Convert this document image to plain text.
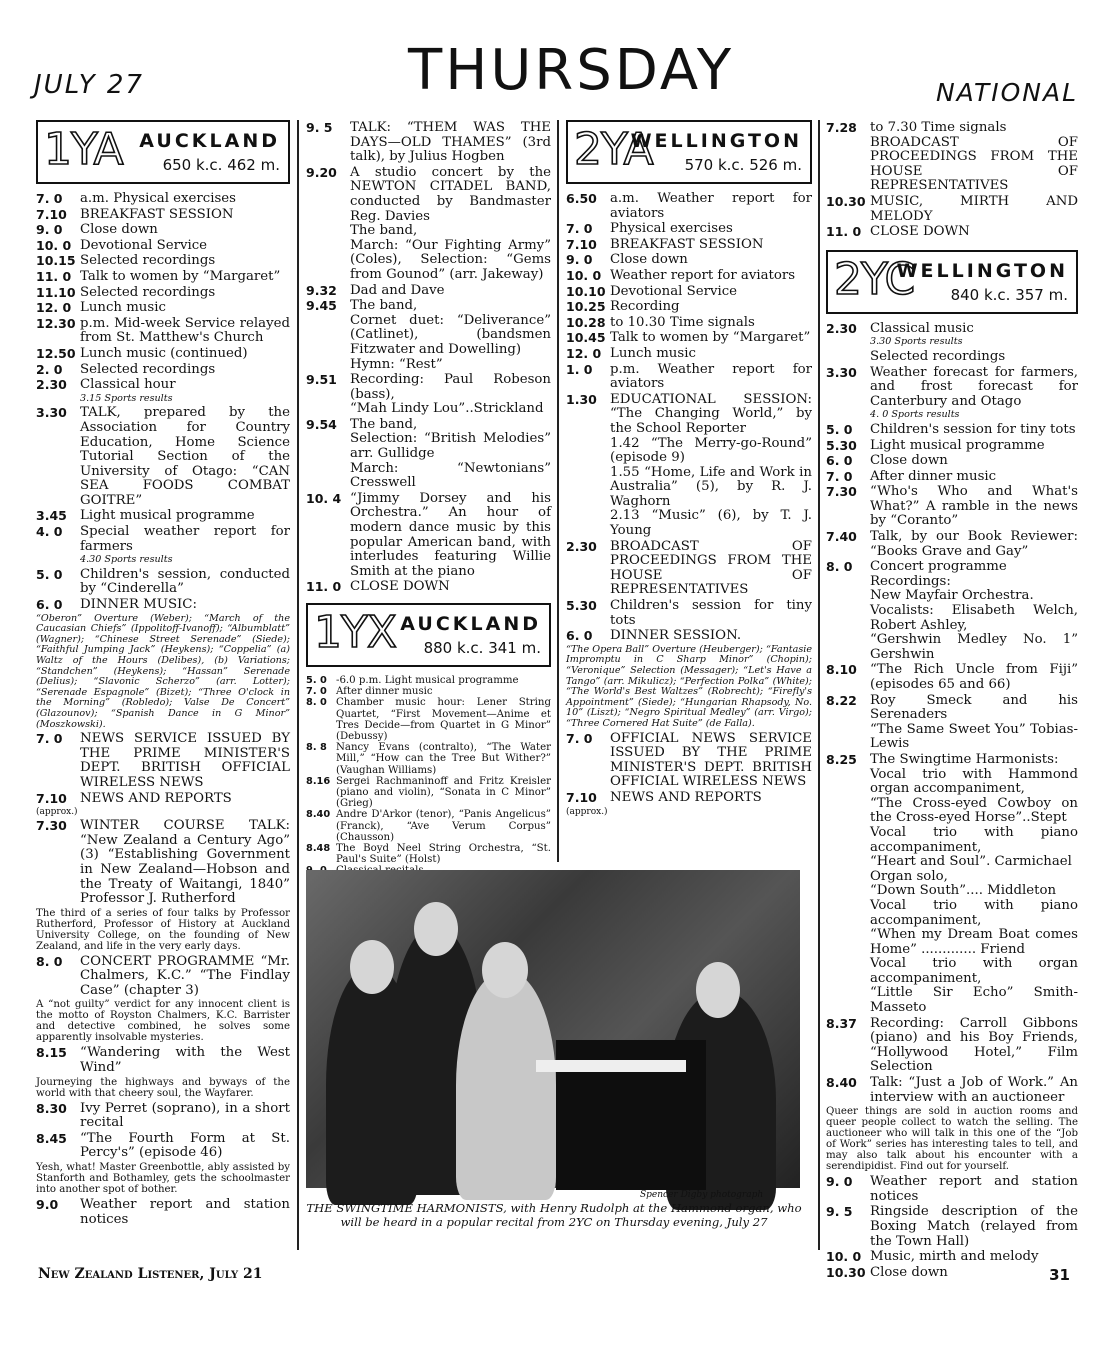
JULY 27	THURSDAY	NATIONAL
1YA AUCKLAND
650 k.c. 462 m.
7. 0	a.m. Physical exercises
7.10 BREAKFAST SESSION
9. 0	Close down
10. 0 Devotional Service
10.15 Selected recordings
11. 0 Talk to women by “Margaret”
11.10 Selected recordings
12. 0 Lunch music
12.30 p.m. Mid-week Service relayed from St. Matthew's Church
12.50 Lunch music (continued)
2. 0	Selected recordings
2.30 Classical hour
3.15 Sports results
3.30 TALK, prepared by the Association for Country Education, Home Science Tutorial Section of the University of Otago: “CAN SEA FOODS COMBAT GOITRE”
3.45 Light musical programme
4. 0	Special weather report for farmers
4.30 Sports results
5. 0	Children's session, conducted by “Cinderella”
6. 0	DINNER MUSIC:
“Oberon” Overture (Weber); “March of the Caucasian Chiefs” (Ippolitoff-Ivanoff); “Albumblatt” (Wagner); “Chinese Street Serenade” (Siede); “Faithful Jumping Jack” (Heykens); “Coppelia” (a) Waltz of the Hours (Delibes), (b) Variations; “Standchen” (Heykens); “Hassan” Serenade (Delius); “Slavonic Scherzo” (arr. Lotter); “Serenade Espagnole” (Bizet); “Three O'clock in the Morning” (Robledo); Valse De Concert” (Glazounov); “Spanish Dance in G Minor” (Moszkowski).
7. 0	NEWS SERVICE ISSUED BY THE PRIME MINISTER'S DEPT. BRITISH OFFICIAL WIRELESS NEWS
7.10 NEWS AND REPORTS
(approx.)
7.30 WINTER COURSE TALK: “New Zealand a Century Ago” (3) “Establishing Government in New Zealand—Hobson and the Treaty of Waitangi, 1840” Professor J. Rutherford
The third of a series of four talks by Professor Rutherford, Professor of History at Auckland University College, on the founding of New Zealand, and life in the very early days.
8. 0	CONCERT PROGRAMME “Mr. Chalmers, K.C.” “The Findlay Case” (chapter 3)
A “not guilty” verdict for any innocent client is the motto of Royston Chalmers, K.C. Barrister and detective combined, he solves some apparently insolvable mysteries.
8.15 “Wandering with the West Wind”
Journeying the highways and byways of the world with that cheery soul, the Wayfarer.
8.30 Ivy Perret (soprano), in a short recital
8.45 “The Fourth Form at St. Percy's” (episode 46)
Yesh, what! Master Greenbottle, ably assisted by Stanforth and Bothamley, gets the schoolmaster into another spot of bother.
9.0	Weather report and station notices
9. 5	TALK: “THEM WAS THE DAYS—OLD THAMES” (3rd talk), by Julius Hogben
9.20 A studio concert by the NEWTON CITADEL BAND, conducted by Bandmaster Reg. Davies
The band,
March: “Our Fighting Army” (Coles), Selection: “Gems from Gounod” (arr. Jakeway)
9.32 Dad and Dave
9.45 The band,
Cornet duet: “Deliverance” (Catlinet), (bandsmen Fitzwater and Dowelling)
Hymn: “Rest”
9.51 Recording: Paul Robeson (bass),
“Mah Lindy Lou”..Strickland
9.54 The band,
Selection: “British Melodies” arr. Gullidge
March: “Newtonians” Cresswell
10. 4 “Jimmy Dorsey and his Orchestra.” An hour of modern dance music by this popular American band, with interludes featuring Willie Smith at the piano
11. 0 CLOSE DOWN
1YX AUCKLAND
880 k.c. 341 m.
5. 0 -6.0 p.m. Light musical programme
7. 0 After dinner music
8. 0 Chamber music hour: Lener String Quartet, “First Movement—Anime et Tres Decide—from Quartet in G Minor” (Debussy)
8. 8 Nancy Evans (contralto), “The Water Mill,” “How can the Tree But Wither?” (Vaughan Williams)
8.16 Sergei Rachmaninoff and Fritz Kreisler (piano and violin), “Sonata in C Minor” (Grieg)
8.40 Andre D'Arkor (tenor), “Panis Angelicus” (Franck), “Ave Verum Corpus” (Chausson)
8.48 The Boyd Neel String Orchestra, “St. Paul's Suite” (Holst)
2YA
WELLINGTON
570 k.c. 526 m.
6.50 a.m. Weather report for aviators
7. 0	Physical exercises
7.10 BREAKFAST SESSION
9. 0	Close down
10. 0 Weather report for aviators
10.10 Devotional Service
10.25 Recording
10.28 to 10.30 Time signals
10.45 Talk to women by “Margaret”
12. 0 Lunch music
1. 0	p.m. Weather report for aviators
1.30 EDUCATIONAL SESSION: “The Changing World,” by the School Reporter
1.42 “The Merry-go-Round” (episode 9)
1.55 “Home, Life and Work in Australia” (5), by R. J. Waghorn
2.13 “Music” (6), by T. J. Young
2.30 BROADCAST OF PROCEEDINGS FROM THE HOUSE OF REPRESENTATIVES
5.30 Children's session for tiny tots
6. 0	DINNER SESSION.
“The Opera Ball” Overture (Heuberger); “Fantasie Impromptu in C Sharp Minor” (Chopin); “Veronique” Selection (Messager); “Let's Have a Tango” (arr. Mikulicz); “Perfection Polka” (White); “The World's Best Waltzes” (Robrecht); “Firefly's Appointment” (Siede); “Hungarian Rhapsody, No. 10” (Liszt); “Negro Spiritual Medley” (arr. Virgo); “Three Cornered Hat Suite” (de Falla).
7. 0	OFFICIAL NEWS SERVICE ISSUED BY THE PRIME MINISTER'S DEPT. BRITISH OFFICIAL WIRELESS NEWS
7.10 NEWS AND REPORTS
(approx.)
7.28 to 7.30 Time signals
BROADCAST OF PROCEEDINGS FROM THE HOUSE OF REPRESENTATIVES
10.30 MUSIC, MIRTH AND MELODY
11. 0 CLOSE DOWN
2YC
WELLINGTON
840 k.c. 357 m.
2.30 Classical music
3.30 Sports results
Selected recordings
3.30 Weather forecast for farmers, and frost forecast for Canterbury and Otago
4. 0 Sports results
5. 0	Children's session for tiny tots
5.30 Light musical programme
6. 0	Close down
7. 0	After dinner music
7.30 “Who's Who and What's What?” A ramble in the news by “Coranto”
7.40 Talk, by our Book Reviewer: “Books Grave and Gay”
8. 0	Concert programme
Recordings:
New Mayfair Orchestra.
Vocalists: Elisabeth Welch, Robert Ashley,
“Gershwin Medley No. 1” Gershwin
8.10 “The Rich Uncle from Fiji” (episodes 65 and 66)
8.22 Roy Smeck and his Serenaders
“The Same Sweet You” Tobias-Lewis
8.25 The Swingtime Harmonists:
Vocal trio with Hammond organ accompaniment,
“The Cross-eyed Cowboy on the Cross-eyed Horse”..Stept
Vocal trio with piano accompaniment,
“Heart and Soul”. Carmichael
Organ solo,
“Down South”.... Middleton
Vocal trio with piano accompaniment,
“When my Dream Boat comes Home” ............. Friend
Vocal trio with organ accompaniment,
“Little Sir Echo” Smith-Masseto
8.37 Recording: Carroll Gibbons (piano) and his Boy Friends, “Hollywood Hotel,” Film Selection
8.40 Talk: “Just a Job of Work.” An interview with an auctioneer
Queer things are sold in auction rooms and queer people collect to watch the selling. The auctioneer who will talk in this one of the “Job of Work” series has interesting tales to tell, and may also talk about his encounter with a serendipidist. Find out for yourself.
9. 0	Weather report and station notices
9. 5	Ringside description of the Boxing Match (relayed from the Town Hall)
10. 0 Music, mirth and melody
10.30 Close down
Spencer Digby photograph
THE SWINGTIME HARMONISTS, with Henry Rudolph at the Hammond organ, who will be heard in a popular recital from 2YC on Thursday evening, July 27
New Zealand Listener, July 21	31
